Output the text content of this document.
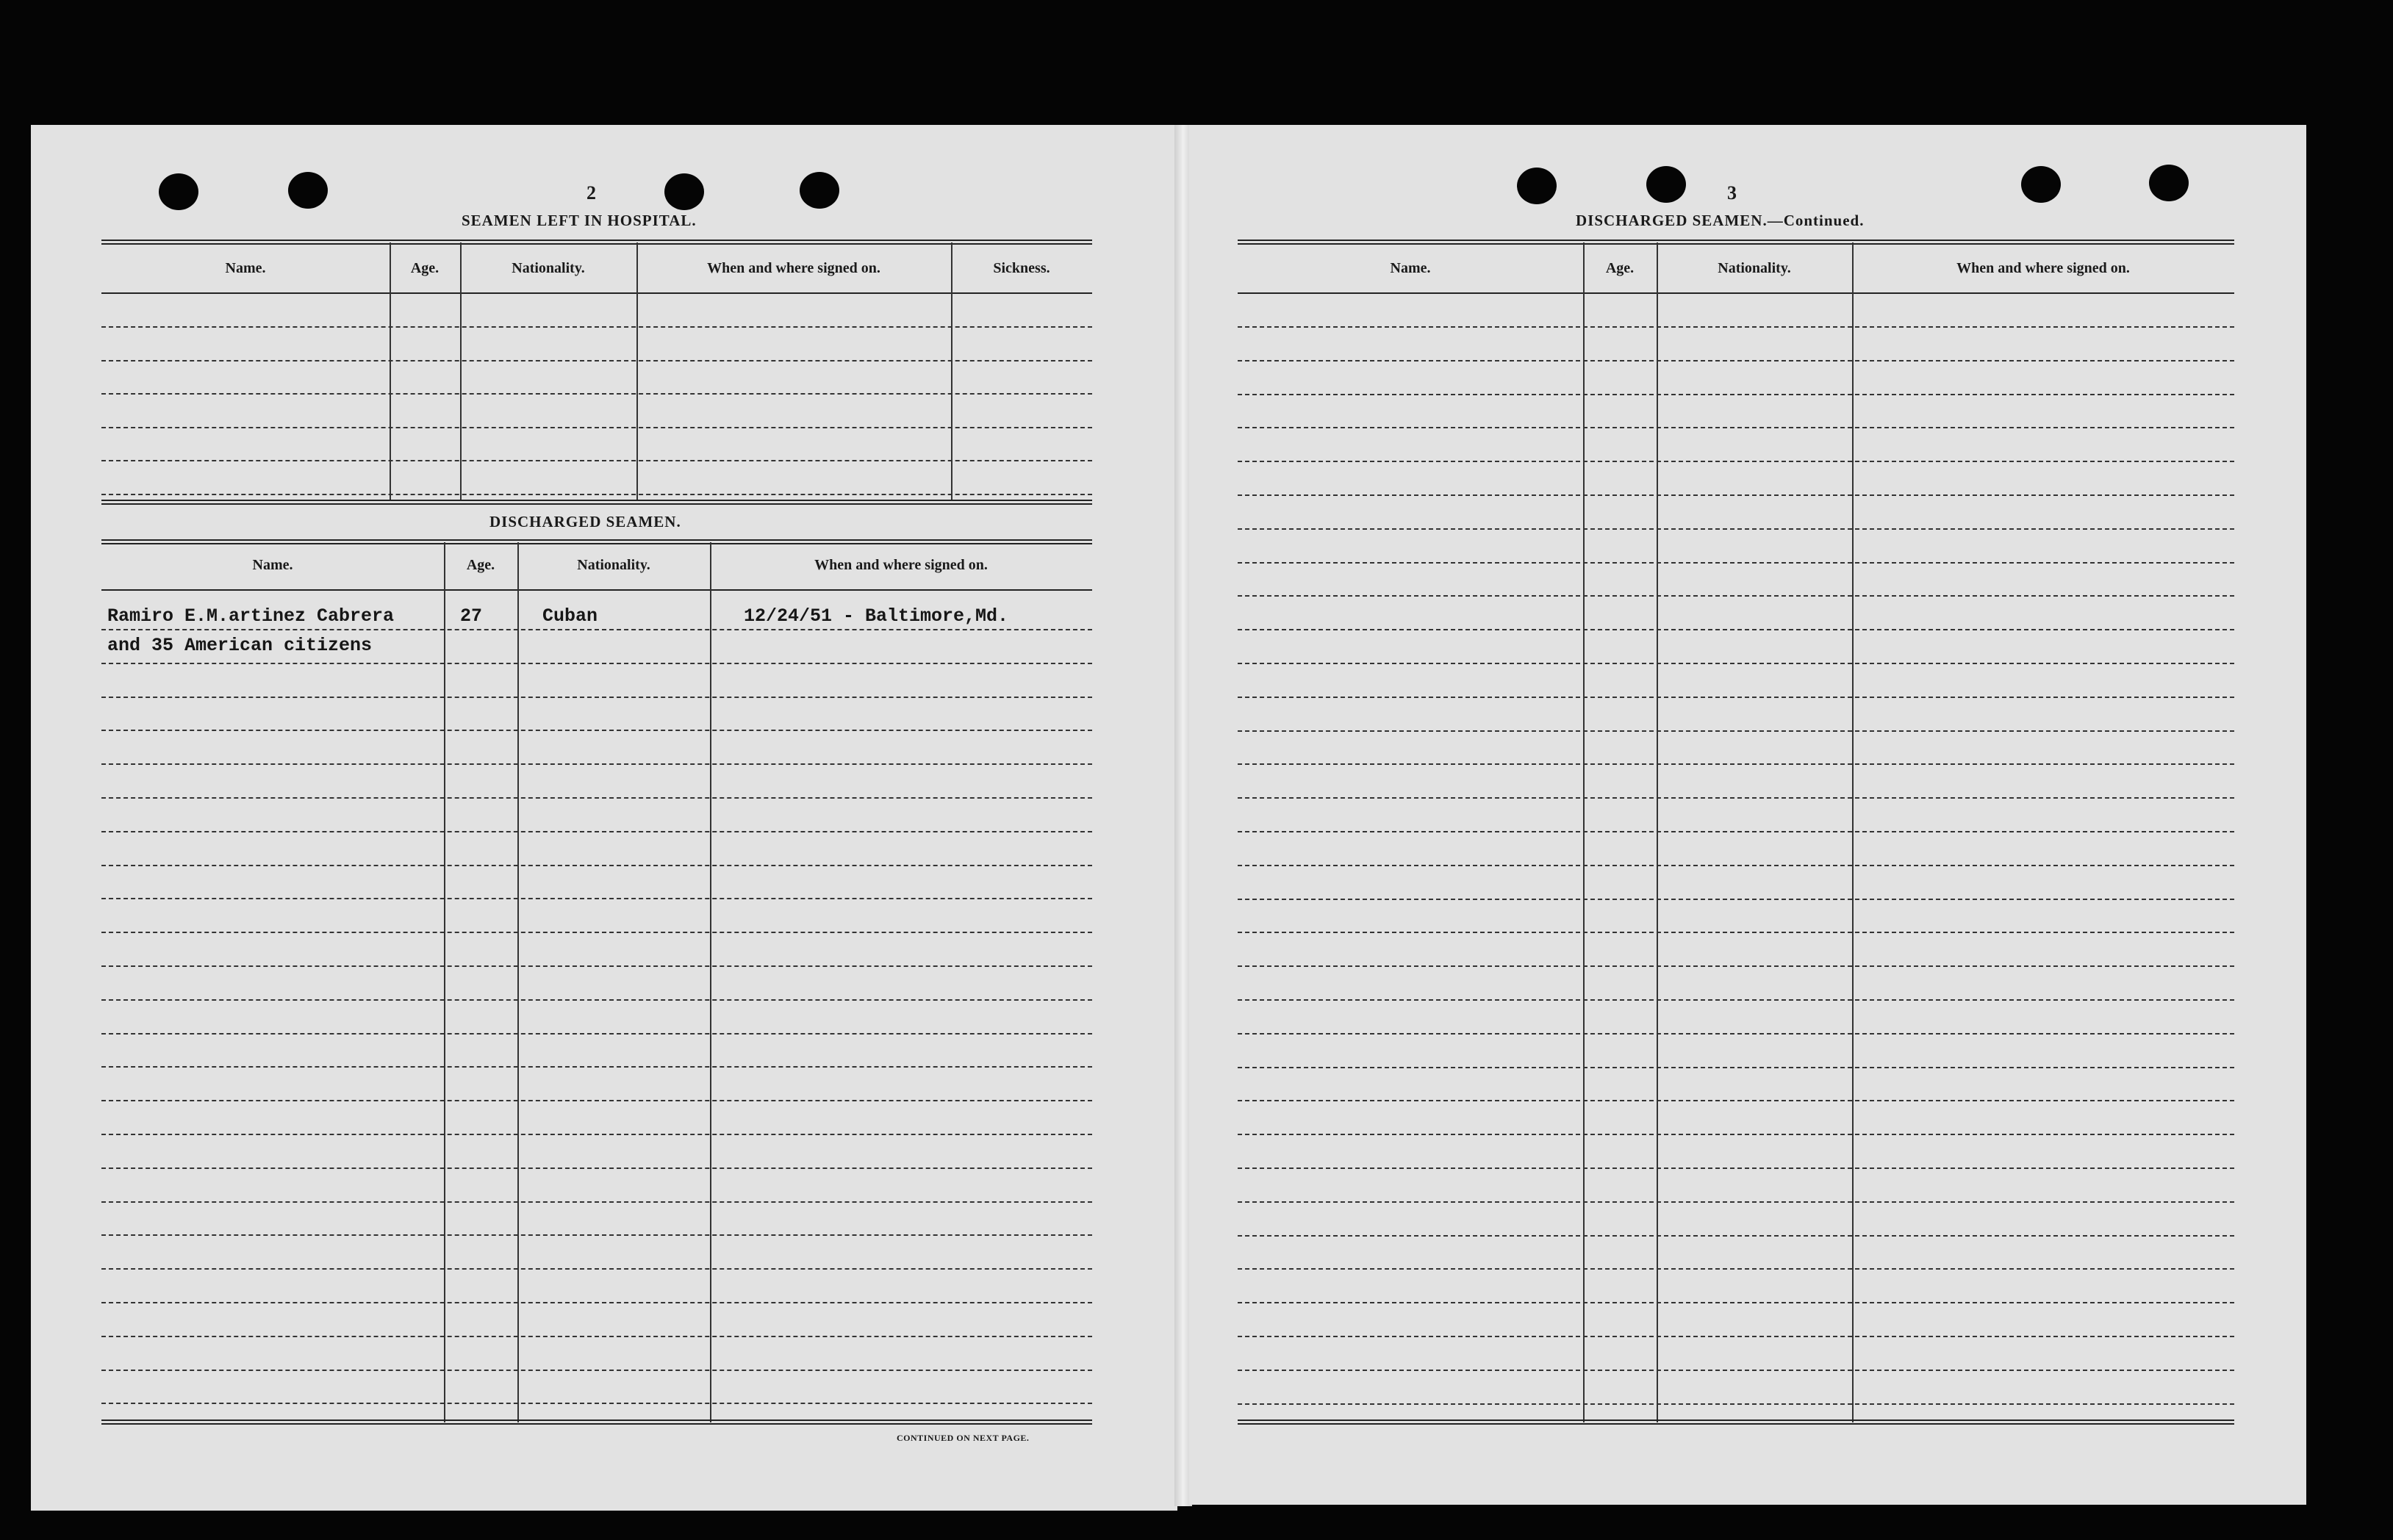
2
SEAMEN LEFT IN HOSPITAL.
Name.	Age.	Nationality.	When and where signed on.	Sickness.
DISCHARGED SEAMEN.
Name.	Age.	Nationality.	When and where signed on.
Ramiro E.M.artinez Cabrera	27	Cuban	12/24/51 - Baltimore,Md.
and 35 American citizens
CONTINUED ON NEXT PAGE.
3
DISCHARGED SEAMEN.—Continued.
Name.	Age.	Nationality.	When and where signed on.
